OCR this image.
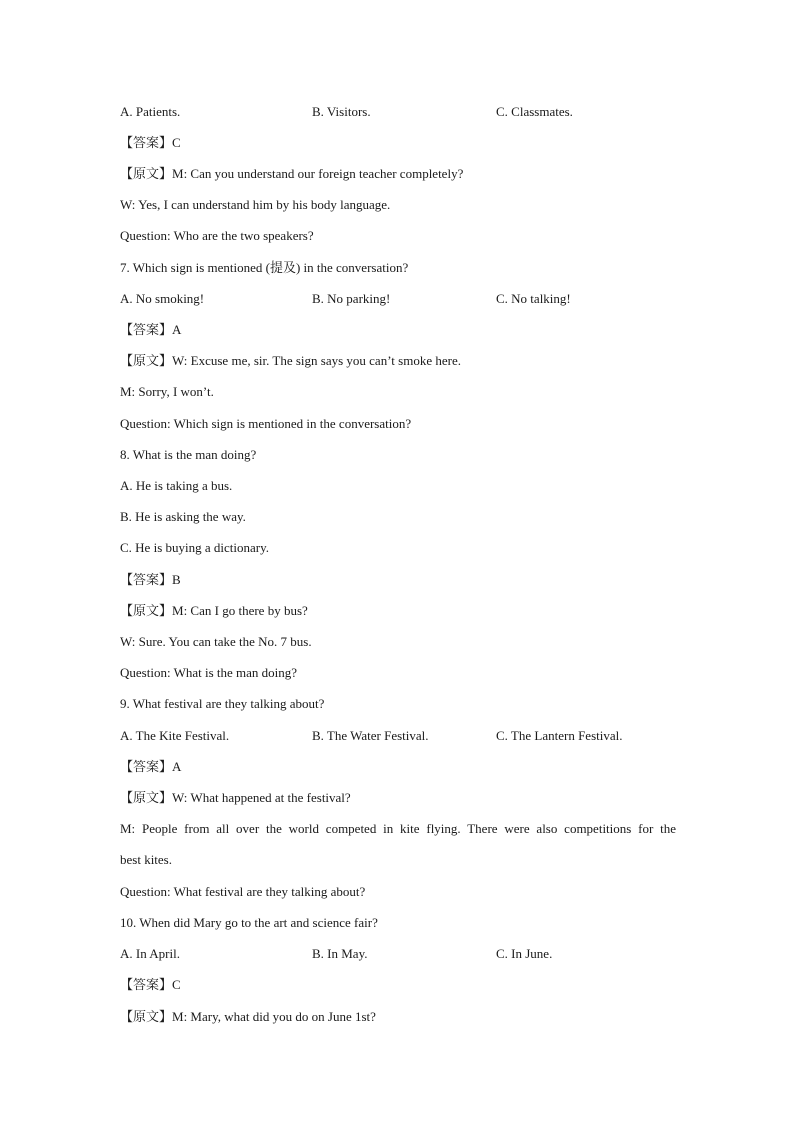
A. Patients.	B. Visitors.	C. Classmates.
【答案】C
【原文】M: Can you understand our foreign teacher completely?
W: Yes, I can understand him by his body language.
Question: Who are the two speakers?
7. Which sign is mentioned (提及) in the conversation?
A. No smoking!	B. No parking!	C. No talking!
【答案】A
【原文】W: Excuse me, sir. The sign says you can’t smoke here.
M: Sorry, I won’t.
Question: Which sign is mentioned in the conversation?
8. What is the man doing?
A. He is taking a bus.
B. He is asking the way.
C. He is buying a dictionary.
【答案】B
【原文】M: Can I go there by bus?
W: Sure. You can take the No. 7 bus.
Question: What is the man doing?
9. What festival are they talking about?
A. The Kite Festival.	B. The Water Festival.	C. The Lantern Festival.
【答案】A
【原文】W: What happened at the festival?
M: People from all over the world competed in kite flying. There were also competitions for the
best kites.
Question: What festival are they talking about?
10. When did Mary go to the art and science fair?
A. In April.	B. In May.	C. In June.
【答案】C
【原文】M: Mary, what did you do on June 1st?
